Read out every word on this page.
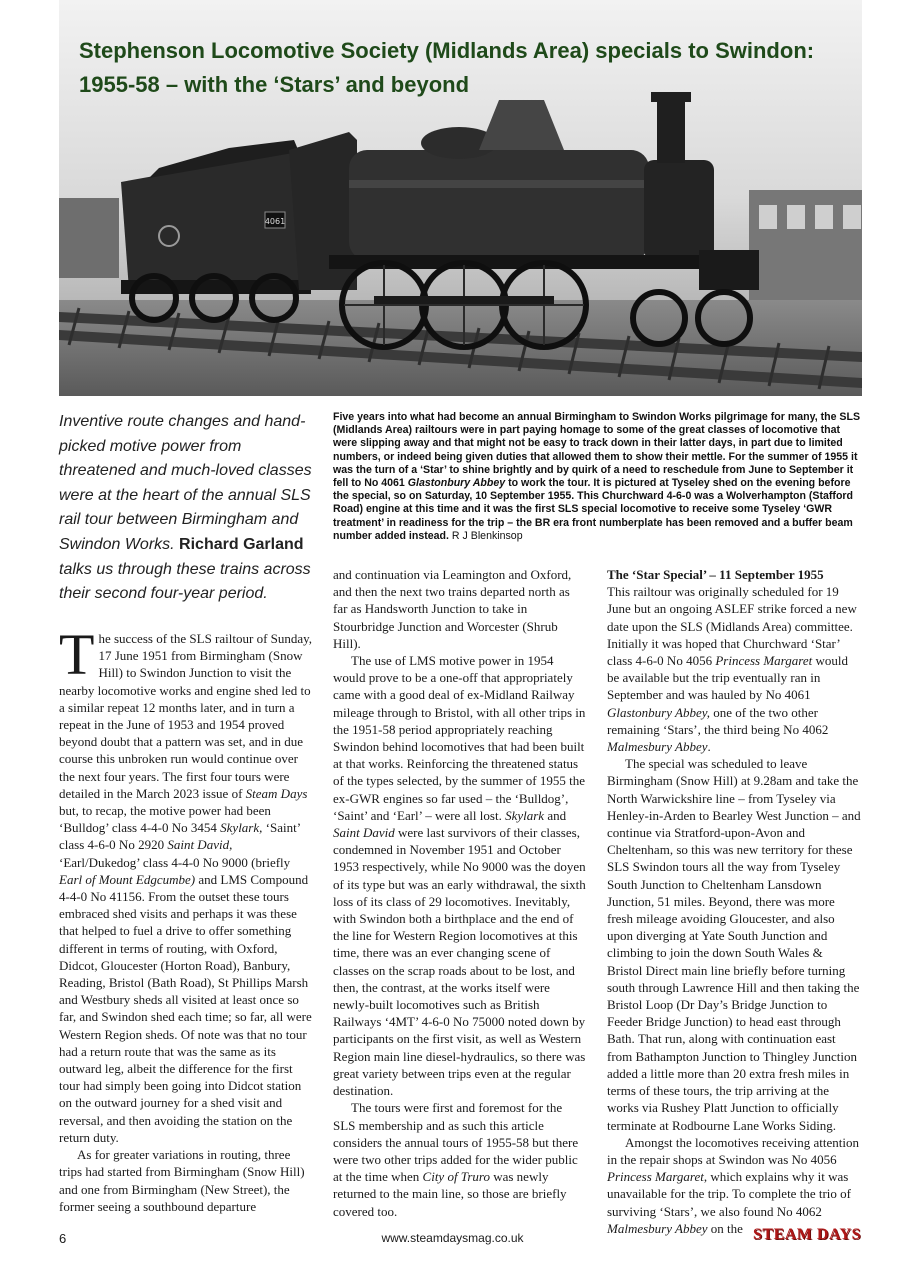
4061
Stephenson Locomotive Society (Midlands Area) specials to Swindon:
1955-58 – with the ‘Stars’ and beyond
Inventive route changes and hand-picked motive power from threatened and much-loved classes were at the heart of the annual SLS rail tour between Birmingham and Swindon Works. Richard Garland talks us through these trains across their second four-year period.
Five years into what had become an annual Birmingham to Swindon Works pilgrimage for many, the SLS (Midlands Area) railtours were in part paying homage to some of the great classes of locomotive that were slipping away and that might not be easy to track down in their latter days, in part due to limited numbers, or indeed being given duties that allowed them to show their mettle. For the summer of 1955 it was the turn of a ‘Star’ to shine brightly and by quirk of a need to reschedule from June to September it fell to No 4061 Glastonbury Abbey to work the tour. It is pictured at Tyseley shed on the evening before the special, so on Saturday, 10 September 1955. This Churchward 4-6-0 was a Wolverhampton (Stafford Road) engine at this time and it was the first SLS special locomotive to receive some Tyseley ‘GWR treatment’ in readiness for the trip – the BR era front numberplate has been removed and a buffer beam number added instead. R J Blenkinsop

The success of the SLS railtour of Sunday, 17 June 1951 from Birmingham (Snow Hill) to Swindon Junction to visit the nearby locomotive works and engine shed led to a similar repeat 12 months later, and in turn a repeat in the June of 1953 and 1954 proved beyond doubt that a pattern was set, and in due course this unbroken run would continue over the next four years. The first four tours were detailed in the March 2023 issue of Steam Days but, to recap, the motive power had been ‘Bulldog’ class 4-4-0 No 3454 Skylark, ‘Saint’ class 4-6-0 No 2920 Saint David, ‘Earl/Dukedog’ class 4-4-0 No 9000 (briefly Earl of Mount Edgcumbe) and LMS Compound 4-4-0 No 41156. From the outset these tours embraced shed visits and perhaps it was these that helped to fuel a drive to offer something different in terms of routing, with Oxford, Didcot, Gloucester (Horton Road), Banbury, Reading, Bristol (Bath Road), St Phillips Marsh and Westbury sheds all visited at least once so far, and Swindon shed each time; so far, all were Western Region sheds. Of note was that no tour had a return route that was the same as its outward leg, albeit the difference for the first tour had simply been going into Didcot station on the outward journey for a shed visit and reversal, and then avoiding the station on the return duty.

As for greater variations in routing, three trips had started from Birmingham (Snow Hill) and one from Birmingham (New Street), the former seeing a southbound departure

and continuation via Leamington and Oxford, and then the next two trains departed north as far as Handsworth Junction to take in Stourbridge Junction and Worcester (Shrub Hill).

The use of LMS motive power in 1954 would prove to be a one-off that appropriately came with a good deal of ex-Midland Railway mileage through to Bristol, with all other trips in the 1951-58 period appropriately reaching Swindon behind locomotives that had been built at that works. Reinforcing the threatened status of the types selected, by the summer of 1955 the ex-GWR engines so far used – the ‘Bulldog’, ‘Saint’ and ‘Earl’ – were all lost. Skylark and Saint David were last survivors of their classes, condemned in November 1951 and October 1953 respectively, while No 9000 was the doyen of its type but was an early withdrawal, the sixth loss of its class of 29 locomotives. Inevitably, with Swindon both a birthplace and the end of the line for Western Region locomotives at this time, there was an ever changing scene of classes on the scrap roads about to be lost, and then, the contrast, at the works itself were newly-built locomotives such as British Railways ‘4MT’ 4-6-0 No 75000 noted down by participants on the first visit, as well as Western Region main line diesel-hydraulics, so there was great variety between trips even at the regular destination.

The tours were first and foremost for the SLS membership and as such this article considers the annual tours of 1955-58 but there were two other trips added for the wider public at the time when City of Truro was newly returned to the main line, so those are briefly covered too.

The ‘Star Special’ – 11 September 1955

This railtour was originally scheduled for 19 June but an ongoing ASLEF strike forced a new date upon the SLS (Midlands Area) committee. Initially it was hoped that Churchward ‘Star’ class 4-6-0 No 4056 Princess Margaret would be available but the trip eventually ran in September and was hauled by No 4061 Glastonbury Abbey, one of the two other remaining ‘Stars’, the third being No 4062 Malmesbury Abbey.

The special was scheduled to leave Birmingham (Snow Hill) at 9.28am and take the North Warwickshire line – from Tyseley via Henley-in-Arden to Bearley West Junction – and continue via Stratford-upon-Avon and Cheltenham, so this was new territory for these SLS Swindon tours all the way from Tyseley South Junction to Cheltenham Lansdown Junction, 51 miles. Beyond, there was more fresh mileage avoiding Gloucester, and also upon diverging at Yate South Junction and climbing to join the down South Wales & Bristol Direct main line briefly before turning south through Lawrence Hill and then taking the Bristol Loop (Dr Day’s Bridge Junction to Feeder Bridge Junction) to head east through Bath. That run, along with continuation east from Bathampton Junction to Thingley Junction added a little more than 20 extra fresh miles in terms of these tours, the trip arriving at the works via Rushey Platt Junction to officially terminate at Rodbourne Lane Works Siding.

Amongst the locomotives receiving attention in the repair shops at Swindon was No 4056 Princess Margaret, which explains why it was unavailable for the trip. To complete the trio of surviving ‘Stars’, we also found No 4062 Malmesbury Abbey on the

6	www.steamdaysmag.co.uk	STEAM DAYS
